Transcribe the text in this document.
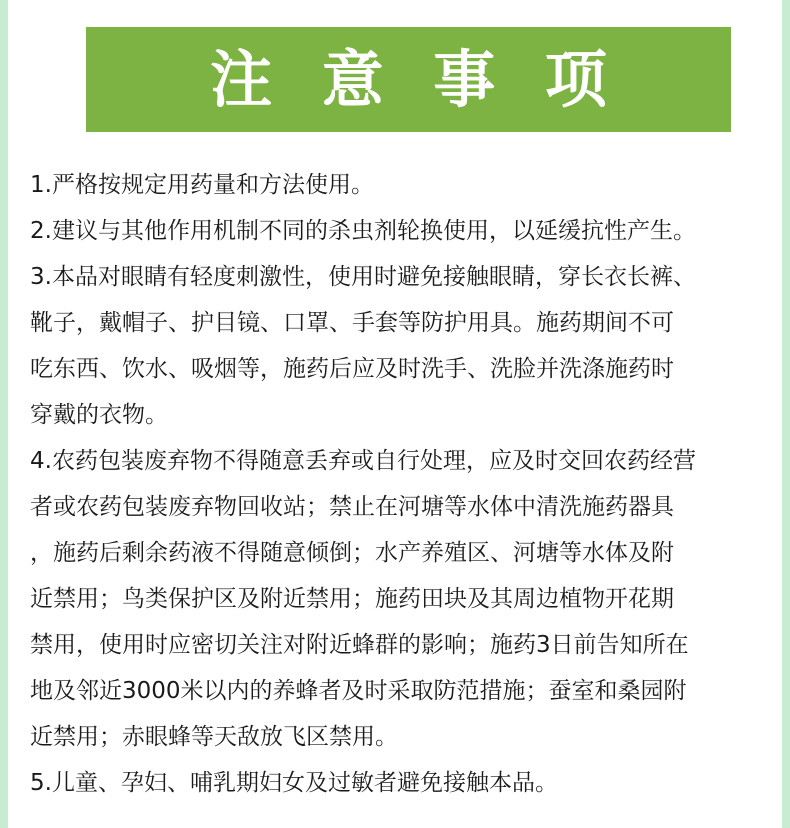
注 意 事 项
1.严格按规定用药量和方法使用。
2.建议与其他作用机制不同的杀虫剂轮换使用，以延缓抗性产生。
3.本品对眼睛有轻度刺激性，使用时避免接触眼睛，穿长衣长裤、
靴子，戴帽子、护目镜、口罩、手套等防护用具。施药期间不可
吃东西、饮水、吸烟等，施药后应及时洗手、洗脸并洗涤施药时
穿戴的衣物。
4.农药包装废弃物不得随意丢弃或自行处理，应及时交回农药经营
者或农药包装废弃物回收站；禁止在河塘等水体中清洗施药器具
，施药后剩余药液不得随意倾倒；水产养殖区、河塘等水体及附
近禁用；鸟类保护区及附近禁用；施药田块及其周边植物开花期
禁用，使用时应密切关注对附近蜂群的影响；施药3日前告知所在
地及邻近3000米以内的养蜂者及时采取防范措施；蚕室和桑园附
近禁用；赤眼蜂等天敌放飞区禁用。
5.儿童、孕妇、哺乳期妇女及过敏者避免接触本品。
